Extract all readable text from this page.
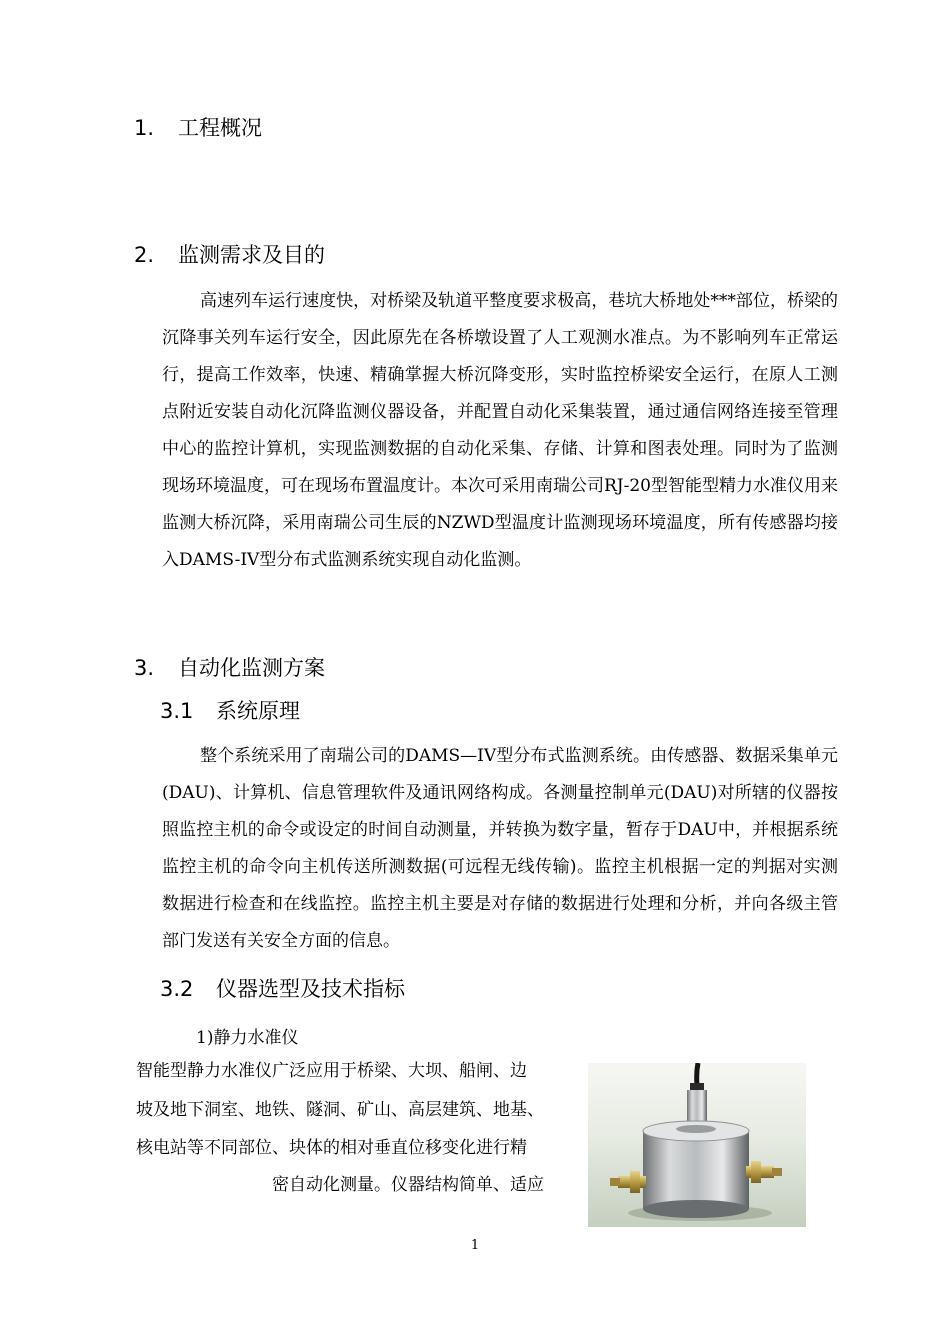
1. 工程概况
2. 监测需求及目的

高速列车运行速度快，对桥梁及轨道平整度要求极高，巷坑大桥地处***部位，桥梁的沉降事关列车运行安全，因此原先在各桥墩设置了人工观测水准点。为不影响列车正常运行，提高工作效率，快速、精确掌握大桥沉降变形，实时监控桥梁安全运行，在原人工测点附近安装自动化沉降监测仪器设备，并配置自动化采集装置，通过通信网络连接至管理中心的监控计算机，实现监测数据的自动化采集、存储、计算和图表处理。同时为了监测现场环境温度，可在现场布置温度计。本次可采用南瑞公司RJ-20型智能型精力水准仪用来监测大桥沉降，采用南瑞公司生辰的NZWD型温度计监测现场环境温度，所有传感器均接入DAMS-IV型分布式监测系统实现自动化监测。

3. 自动化监测方案
3.1 系统原理

整个系统采用了南瑞公司的DAMS—IV型分布式监测系统。由传感器、数据采集单元(DAU)、计算机、信息管理软件及通讯网络构成。各测量控制单元(DAU)对所辖的仪器按照监控主机的命令或设定的时间自动测量，并转换为数字量，暂存于DAU中，并根据系统监控主机的命令向主机传送所测数据(可远程无线传输)。监控主机根据一定的判据对实测数据进行检查和在线监控。监控主机主要是对存储的数据进行处理和分析，并向各级主管部门发送有关安全方面的信息。

3.2 仪器选型及技术指标
1)静力水准仪
智能型静力水准仪广泛应用于桥梁、大坝、船闸、边
坡及地下洞室、地铁、隧洞、矿山、高层建筑、地基、
核电站等不同部位、块体的相对垂直位移变化进行精
密自动化测量。仪器结构简单、适应
1
